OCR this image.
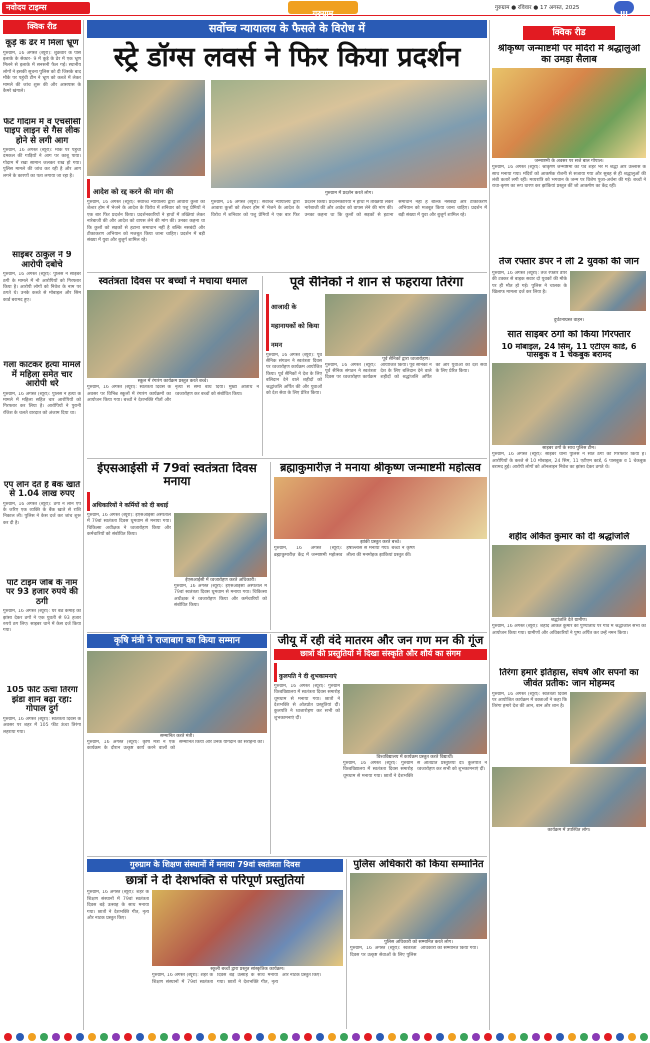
नवोदय टाइम्स
गुरुग्राम
गुरुग्राम ● रविवार ● 17 अगस्त, 2025
III
क्विक रीड
कूड़े के ढेर में मिला भ्रूण
गुरुग्राम, 16 अगस्त (ब्यूरो): शुक्रवार के पास इलाके के सेक्टर- 9 में कूड़े के ढेर में एक भ्रूण मिलने से इलाके में सनसनी फैल गई। स्थानीय लोगों ने इसकी सूचना पुलिस को दी जिसके बाद मौके पर पहुंची टीम ने भ्रूण को कब्जे में लेकर मामले की जांच शुरू की और आसपास के कैमरे खंगाले।
फेंटे गोदाम में व एचसीसी पाइप लाइन से गैस लीक होने से लगी आग
गुरुग्राम, 16 अगस्त (ब्यूरो): मौके पर पहुंची दमकल की गाड़ियों ने आग पर काबू पाया। गोदाम में रखा सामान जलकर राख हो गया। पुलिस मामले की जांच कर रही है और आग लगने के कारणों का पता लगाया जा रहा है।
साइबर ठाकुल ने 9 आरोपी दबोचे
गुरुग्राम, 16 अगस्त (ब्यूरो): पुलिस ने साइबर ठगी के मामले में नौ आरोपियों को गिरफ्तार किया है। आरोपी लोगों को निवेश के नाम पर ठगते थे। उनके कब्जे से मोबाइल और सिम कार्ड बरामद हुए।
गला काटकर हत्या मामले में महिला समेत चार आरोपी धरे
गुरुग्राम, 16 अगस्त (ब्यूरो): पुलिस ने हत्या के मामले में महिला सहित चार आरोपियों को गिरफ्तार कर लिया है। आरोपियों ने पुरानी रंजिश के चलते वारदात को अंजाम दिया था।
एप लोन देते हैं बैंक खाते से 1.04 लाख रुपए
गुरुग्राम, 16 अगस्त (ब्यूरो): ठगों ने लोन एप के जरिए एक व्यक्ति के बैंक खाते से राशि निकाल ली। पुलिस ने केस दर्ज कर जांच शुरू कर दी है।
पार्ट टाइम जॉब के नाम पर 93 हजार रुपये की ठगी
गुरुग्राम, 16 अगस्त (ब्यूरो): घर बैठे कमाई का झांसा देकर ठगों ने एक युवती से 93 हजार रुपये ठग लिए। साइबर थाने में केस दर्ज किया गया।
105 फीट ऊंचा तिरंगा झंडा शान बढ़ा रहा: गोपाल दुर्ग
गुरुग्राम, 16 अगस्त (ब्यूरो): स्वतंत्रता दिवस के अवसर पर शहर में 105 फीट ऊंचा तिरंगा लहराया गया।
सर्वोच्च न्यायालय के फैसले के विरोध में
स्ट्रे डॉग्स लवर्स ने फिर किया प्रदर्शन
आदेश को रद्द करने की मांग की
गुरुग्राम, 16 अगस्त (ब्यूरो): सर्वोच्च न्यायालय द्वारा आवारा कुत्तों को शेल्टर होम में भेजने के आदेश के विरोध में शनिवार को पशु प्रेमियों ने एक बार फिर प्रदर्शन किया। प्रदर्शनकारियों ने हाथों में तख्तियां लेकर नारेबाजी की और आदेश को वापस लेने की मांग की। उनका कहना था कि कुत्तों को सड़कों से हटाना समाधान नहीं है बल्कि नसबंदी और टीकाकरण अभियान को मजबूत किया जाना चाहिए। प्रदर्शन में बड़ी संख्या में युवा और बुजुर्ग शामिल रहे।
गुरुग्राम में प्रदर्शन करते लोग।
गुरुग्राम, 16 अगस्त (ब्यूरो): सर्वोच्च न्यायालय द्वारा आवारा कुत्तों को शेल्टर होम में भेजने के आदेश के विरोध में शनिवार को पशु प्रेमियों ने एक बार फिर प्रदर्शन किया। प्रदर्शनकारियों ने हाथों में तख्तियां लेकर नारेबाजी की और आदेश को वापस लेने की मांग की। उनका कहना था कि कुत्तों को सड़कों से हटाना समाधान नहीं है बल्कि नसबंदी और टीकाकरण अभियान को मजबूत किया जाना चाहिए। प्रदर्शन में बड़ी संख्या में युवा और बुजुर्ग शामिल रहे।
क्विक रीड
श्रीकृष्ण जन्माष्टमी पर मंदिरों में श्रद्धालुओं का उमड़ा सैलाब
जन्माष्टमी के अवसर पर सजे बाल गोपाल।
गुरुग्राम, 16 अगस्त (ब्यूरो): श्रीकृष्ण जन्माष्टमी का पर्व शहर भर में श्रद्धा और उल्लास के साथ मनाया गया। मंदिरों को आकर्षक रोशनी से सजाया गया और सुबह से ही श्रद्धालुओं की लंबी कतारें लगी रहीं। मध्यरात्रि को भगवान के जन्म पर विशेष पूजा-अर्चना की गई। बच्चों ने राधा-कृष्ण का रूप धारण कर झांकियां प्रस्तुत कीं जो आकर्षण का केंद्र रहीं।
तेज रफ्तार डंपर ने ली 2 युवकों की जान
गुरुग्राम, 16 अगस्त (ब्यूरो): तेज रफ्तार डंपर की टक्कर से बाइक सवार दो युवकों की मौके पर ही मौत हो गई। पुलिस ने चालक के खिलाफ मामला दर्ज कर लिया है।
दुर्घटनाग्रस्त वाहन।
सात साइबर ठगों को किया गिरफ्तार
10 मोबाइल, 24 सिम, 11 एटीएम कार्ड, 6 पासबुक व 1 चेकबुक बरामद
साइबर ठगों के साथ पुलिस टीम।
गुरुग्राम, 16 अगस्त (ब्यूरो): साइबर थाना पुलिस ने सात ठगों को गिरफ्तार किया है। आरोपियों के कब्जे से 10 मोबाइल, 24 सिम, 11 एटीएम कार्ड, 6 पासबुक व 1 चेकबुक बरामद हुई। आरोपी लोगों को ऑनलाइन निवेश का झांसा देकर ठगते थे।
शहीद अंकित कुमार को दी श्रद्धांजलि
श्रद्धांजलि देते ग्रामीण।
गुरुग्राम, 16 अगस्त (ब्यूरो): शहीद अंकित कुमार की पुण्यतिथि पर गांव में श्रद्धांजलि सभा का आयोजन किया गया। ग्रामीणों और अधिकारियों ने पुष्प अर्पित कर उन्हें नमन किया।
तिरंगा हमारे इतिहास, संघर्ष और सपनों का जीवंत प्रतीक: जान मोहम्मद
गुरुग्राम, 16 अगस्त (ब्यूरो): स्वतंत्रता दिवस पर आयोजित कार्यक्रम में वक्ताओं ने कहा कि तिरंगा हमारे देश की आन, बान और शान है।
कार्यक्रम में उपस्थित लोग।
स्वतंत्रता दिवस पर बच्चों ने मचाया धमाल
स्कूल में रंगारंग कार्यक्रम प्रस्तुत करते बच्चे।
गुरुग्राम, 16 अगस्त (ब्यूरो): स्वतंत्रता दिवस के अवसर पर विभिन्न स्कूलों में रंगारंग कार्यक्रमों का आयोजन किया गया। बच्चों ने देशभक्ति गीतों और नृत्यों से समां बांध दिया। मुख्य अतिथि ने ध्वजारोहण कर बच्चों को संबोधित किया।
पूर्व सैनिकों ने शान से फहराया तिरंगा
आजादी के महानायकों को किया नमन
गुरुग्राम, 16 अगस्त (ब्यूरो): पूर्व सैनिक संगठन ने स्वतंत्रता दिवस पर ध्वजारोहण कार्यक्रम आयोजित किया। पूर्व सैनिकों ने देश के लिए बलिदान देने वाले शहीदों को श्रद्धांजलि अर्पित की और युवाओं को देश सेवा के लिए प्रेरित किया।
पूर्व सैनिकों द्वारा ध्वजारोहण।
गुरुग्राम, 16 अगस्त (ब्यूरो): पूर्व सैनिक संगठन ने स्वतंत्रता दिवस पर ध्वजारोहण कार्यक्रम आयोजित किया। पूर्व सैनिकों ने देश के लिए बलिदान देने वाले शहीदों को श्रद्धांजलि अर्पित की और युवाओं को देश सेवा के लिए प्रेरित किया।
ईएसआईसी में 79वां स्वतंत्रता दिवस मनाया
अधिकारियों ने कर्मियों को दी बधाई
गुरुग्राम, 16 अगस्त (ब्यूरो): ईएसआईसी अस्पताल में 79वां स्वतंत्रता दिवस धूमधाम से मनाया गया। चिकित्सा अधीक्षक ने ध्वजारोहण किया और कर्मचारियों को संबोधित किया।
ईएसआईसी में ध्वजारोहण करते अधिकारी।
गुरुग्राम, 16 अगस्त (ब्यूरो): ईएसआईसी अस्पताल में 79वां स्वतंत्रता दिवस धूमधाम से मनाया गया। चिकित्सा अधीक्षक ने ध्वजारोहण किया और कर्मचारियों को संबोधित किया।
ब्रह्माकुमारीज़ ने मनाया श्रीकृष्ण जन्माष्टमी महोत्सव
झांकी प्रस्तुत करते बच्चे।
गुरुग्राम, 16 अगस्त (ब्यूरो): ब्रह्माकुमारीज़ केंद्र में जन्माष्टमी महोत्सव हर्षोल्लास से मनाया गया। बच्चों ने कृष्ण लीला की मनमोहक झांकियां प्रस्तुत कीं।
कृषि मंत्री ने राजाबाग का किया सम्मान
सम्मानित करते मंत्री।
गुरुग्राम, 16 अगस्त (ब्यूरो): कृषि मंत्री ने एक कार्यक्रम के दौरान उत्कृष्ट कार्य करने वालों को सम्मानित किया और उनके योगदान की सराहना की।
जीयू में रही वंदे मातरम और जन गण मन की गूंज
छात्रों की प्रस्तुतियों में दिखा संस्कृति और शौर्य का संगम
कुलपति ने दी शुभकामनाएं
गुरुग्राम, 16 अगस्त (ब्यूरो): गुरुग्राम विश्वविद्यालय में स्वतंत्रता दिवस समारोह धूमधाम से मनाया गया। छात्रों ने देशभक्ति से ओतप्रोत प्रस्तुतियां दीं। कुलपति ने ध्वजारोहण कर सभी को शुभकामनाएं दीं।
विश्वविद्यालय में कार्यक्रम प्रस्तुत करते विद्यार्थी।
गुरुग्राम, 16 अगस्त (ब्यूरो): गुरुग्राम विश्वविद्यालय में स्वतंत्रता दिवस समारोह धूमधाम से मनाया गया। छात्रों ने देशभक्ति से ओतप्रोत प्रस्तुतियां दीं। कुलपति ने ध्वजारोहण कर सभी को शुभकामनाएं दीं।
गुरुग्राम के शिक्षण संस्थानों में मनाया 79वां स्वतंत्रता दिवस
छात्रों ने दी देशभक्ति से परिपूर्ण प्रस्तुतियां
गुरुग्राम, 16 अगस्त (ब्यूरो): शहर के शिक्षण संस्थानों में 79वां स्वतंत्रता दिवस बड़े उत्साह के साथ मनाया गया। छात्रों ने देशभक्ति गीत, नृत्य और नाटक प्रस्तुत किए।
स्कूली बच्चों द्वारा प्रस्तुत सांस्कृतिक कार्यक्रम।
गुरुग्राम, 16 अगस्त (ब्यूरो): शहर के शिक्षण संस्थानों में 79वां स्वतंत्रता दिवस बड़े उत्साह के साथ मनाया गया। छात्रों ने देशभक्ति गीत, नृत्य और नाटक प्रस्तुत किए।
पुलिस अधिकारी को किया सम्मानित
पुलिस अधिकारी को सम्मानित करते लोग।
गुरुग्राम, 16 अगस्त (ब्यूरो): स्वतंत्रता दिवस पर उत्कृष्ट सेवाओं के लिए पुलिस अधिकारी को सम्मानित किया गया।
